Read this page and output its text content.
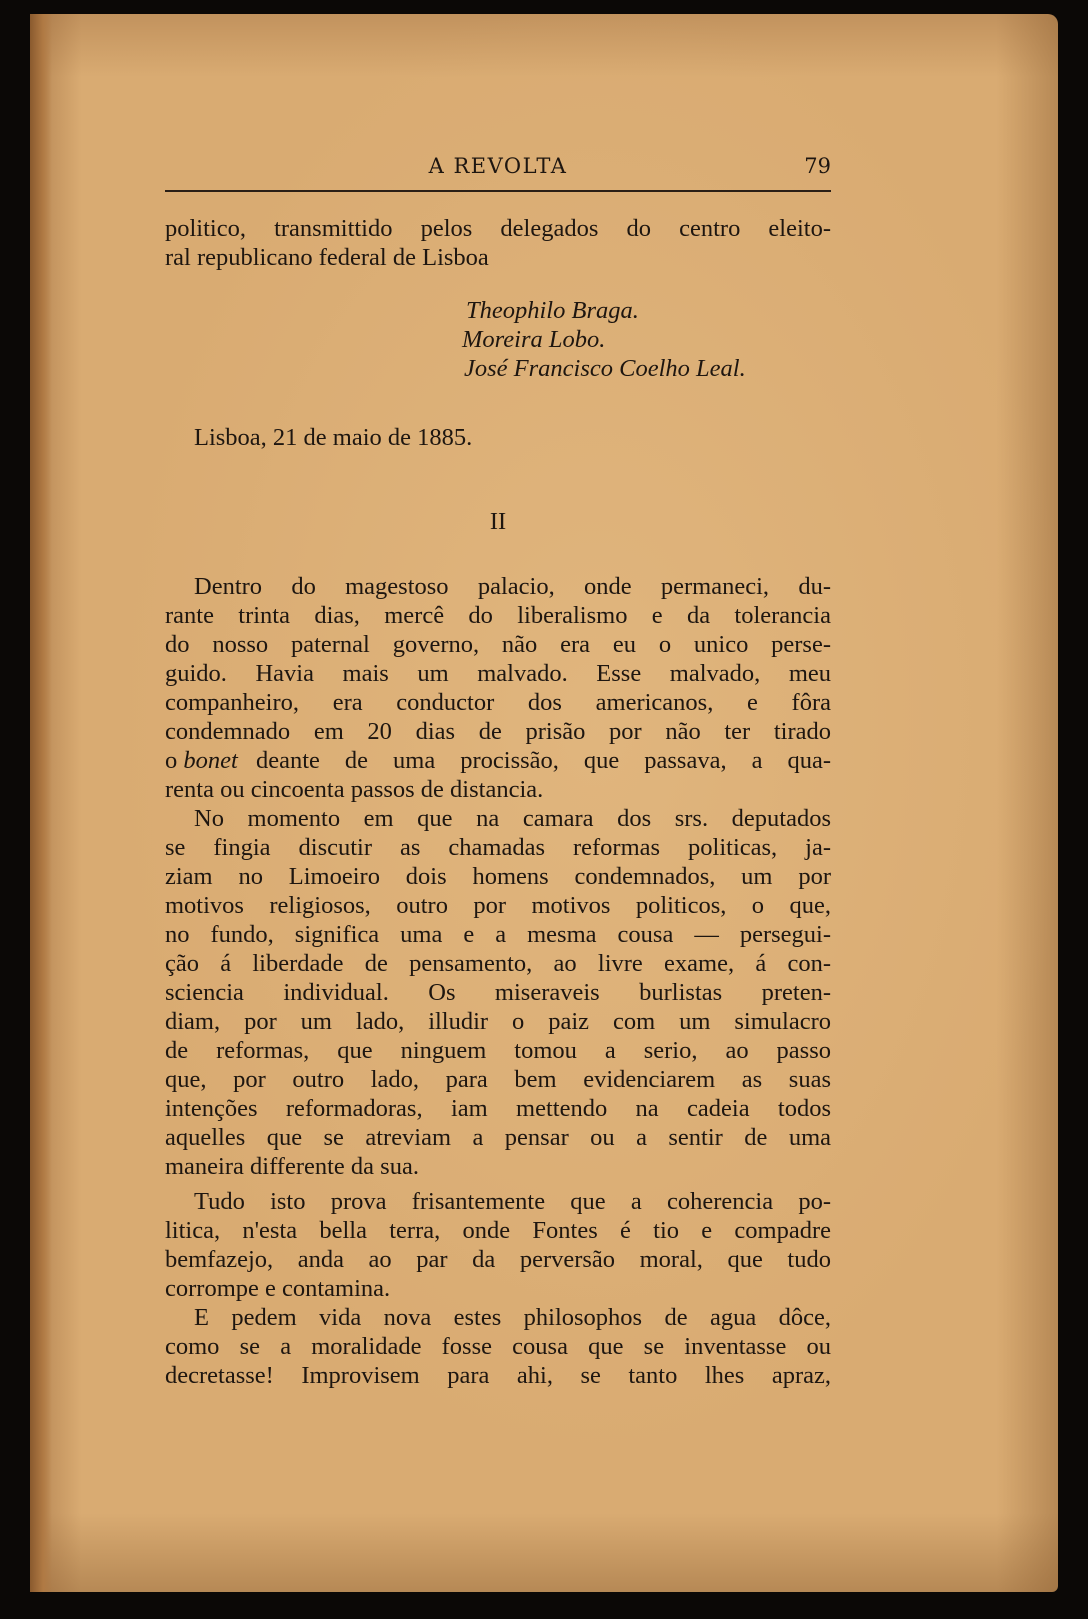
A REVOLTA	79
politico, transmittido pelos delegados do centro eleito-
ral republicano federal de Lisboa
Theophilo Braga.
Moreira Lobo.
José Francisco Coelho Leal.
Lisboa, 21 de maio de 1885.
II
Dentro do magestoso palacio, onde permaneci, du-
rante trinta dias, mercê do liberalismo e da tolerancia
do nosso paternal governo, não era eu o unico perse-
guido. Havia mais um malvado. Esse malvado, meu
companheiro, era conductor dos americanos, e fôra
condemnado em 20 dias de prisão por não ter tirado
o bonet deante de uma procissão, que passava, a qua-
renta ou cincoenta passos de distancia.
No momento em que na camara dos srs. deputados
se fingia discutir as chamadas reformas politicas, ja-
ziam no Limoeiro dois homens condemnados, um por
motivos religiosos, outro por motivos politicos, o que,
no fundo, significa uma e a mesma cousa — persegui-
ção á liberdade de pensamento, ao livre exame, á con-
sciencia individual. Os miseraveis burlistas preten-
diam, por um lado, illudir o paiz com um simulacro
de reformas, que ninguem tomou a serio, ao passo
que, por outro lado, para bem evidenciarem as suas
intenções reformadoras, iam mettendo na cadeia todos
aquelles que se atreviam a pensar ou a sentir de uma
maneira differente da sua.
Tudo isto prova frisantemente que a coherencia po-
litica, n'esta bella terra, onde Fontes é tio e compadre
bemfazejo, anda ao par da perversão moral, que tudo
corrompe e contamina.
E pedem vida nova estes philosophos de agua dôce,
como se a moralidade fosse cousa que se inventasse ou
decretasse! Improvisem para ahi, se tanto lhes apraz,
